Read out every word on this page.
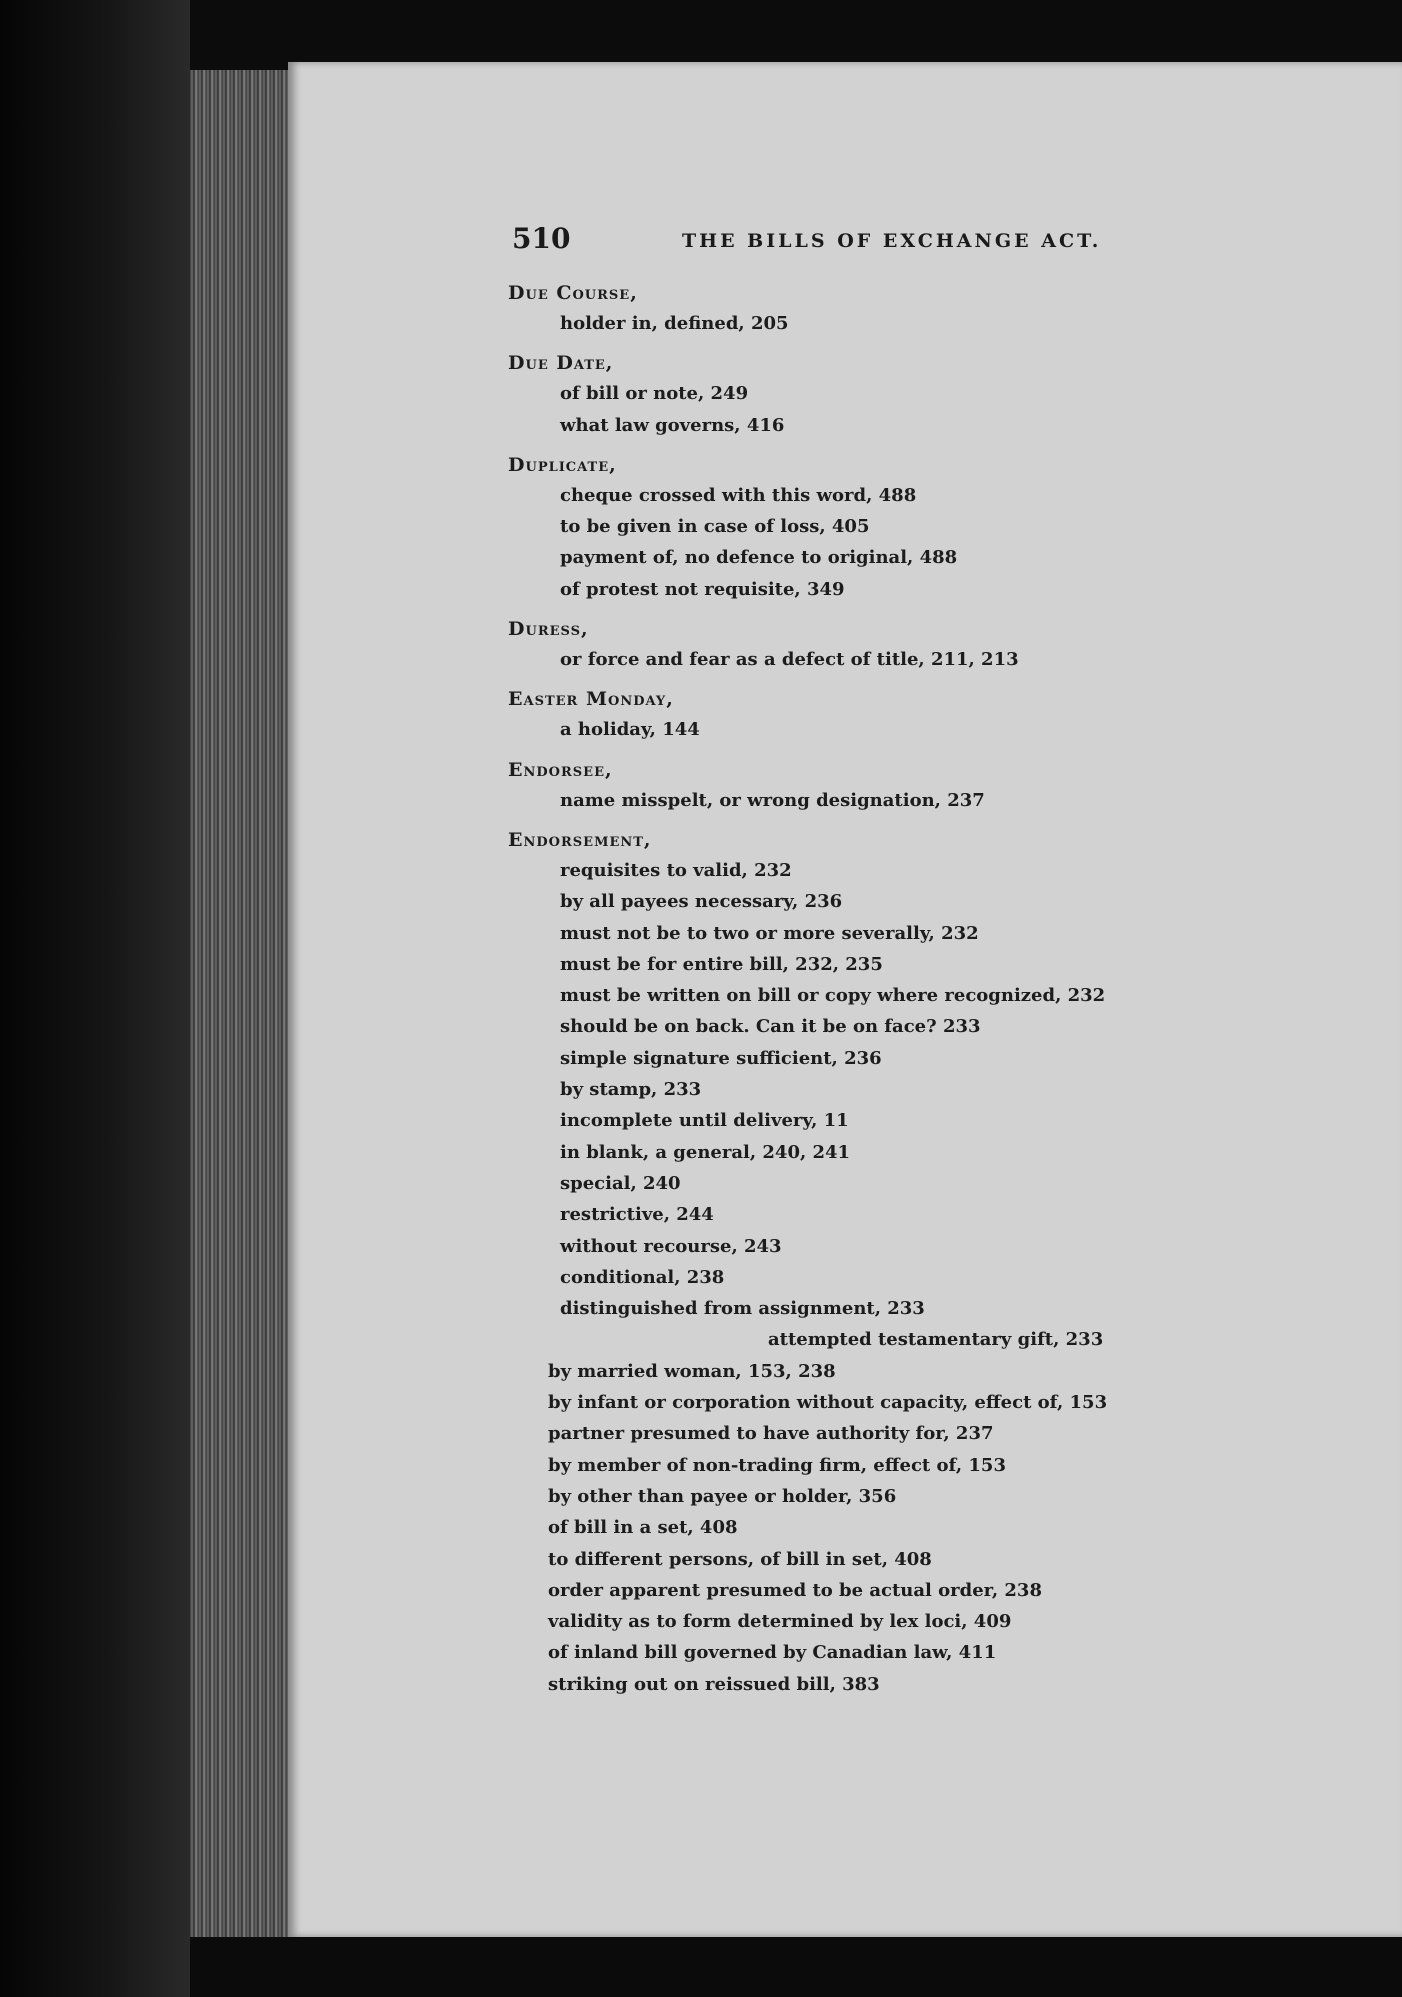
510	THE BILLS OF EXCHANGE ACT.
Due Course,
holder in, defined, 205
Due Date,
of bill or note, 249
what law governs, 416
Duplicate,
cheque crossed with this word, 488
to be given in case of loss, 405
payment of, no defence to original, 488
of protest not requisite, 349
Duress,
or force and fear as a defect of title, 211, 213
Easter Monday,
a holiday, 144
Endorsee,
name misspelt, or wrong designation, 237
Endorsement,
requisites to valid, 232
by all payees necessary, 236
must not be to two or more severally, 232
must be for entire bill, 232, 235
must be written on bill or copy where recognized, 232
should be on back. Can it be on face? 233
simple signature sufficient, 236
by stamp, 233
incomplete until delivery, 11
in blank, a general, 240, 241
special, 240
restrictive, 244
without recourse, 243
conditional, 238
distinguished from assignment, 233
attempted testamentary gift, 233
by married woman, 153, 238
by infant or corporation without capacity, effect of, 153
partner presumed to have authority for, 237
by member of non-trading firm, effect of, 153
by other than payee or holder, 356
of bill in a set, 408
to different persons, of bill in set, 408
order apparent presumed to be actual order, 238
validity as to form determined by lex loci, 409
of inland bill governed by Canadian law, 411
striking out on reissued bill, 383
